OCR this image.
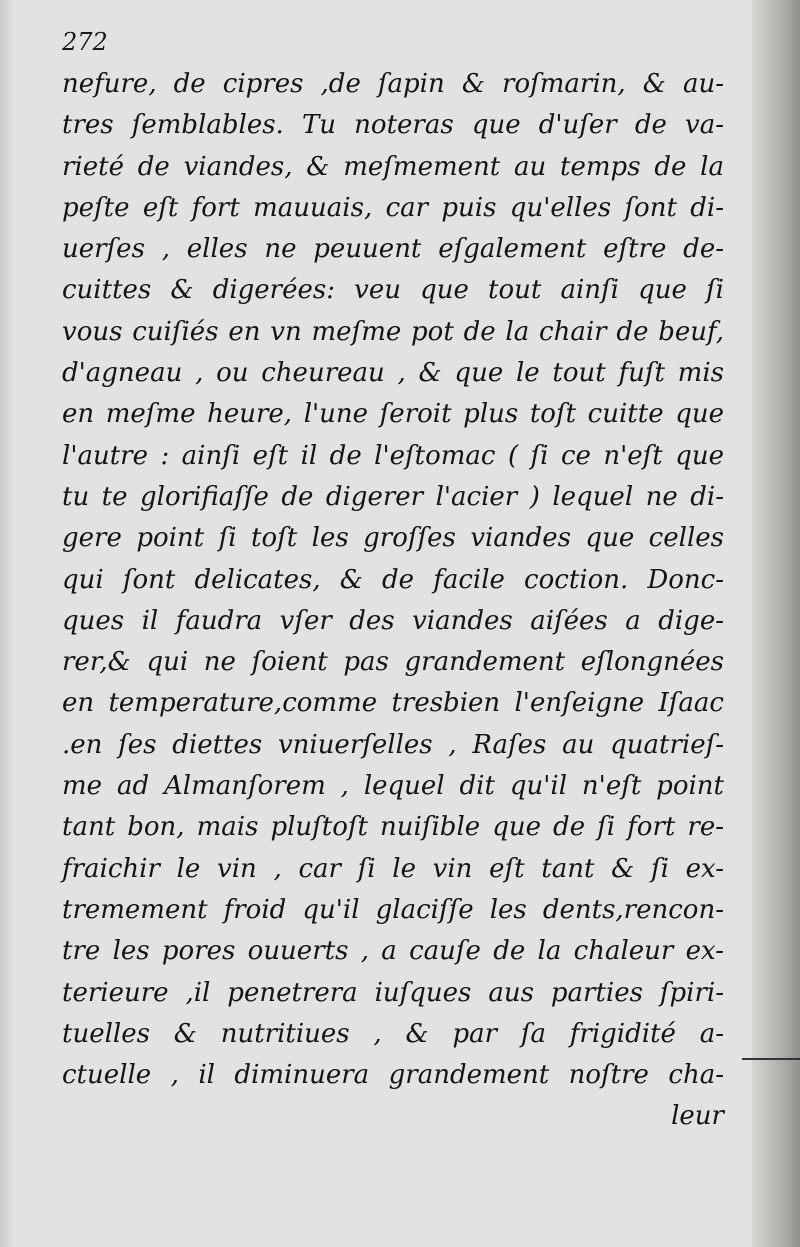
272

nefure, de cipres ,de ſapin & roſmarin, & au-
tres ſemblables. Tu noteras que d'uſer de va-
rieté de viandes, & meſmement au temps de la
peſte eſt fort mauuais, car puis qu'elles ſont di-
uerſes , elles ne peuuent eſgalement eſtre de-
cuittes & digerées: veu que tout ainſi que ſi
vous cuiſiés en vn meſme pot de la chair de beuf,
d'agneau , ou cheureau , & que le tout fuſt mis
en meſme heure, l'une ſeroit plus toſt cuitte que
l'autre : ainſi eſt il de l'eſtomac ( ſi ce n'eſt que
tu te glorifiaſſe de digerer l'acier ) lequel ne di-
gere point ſi toſt les groſſes viandes que celles
qui ſont delicates, & de facile coction. Donc-
ques il faudra vſer des viandes aiſées a dige-
rer,& qui ne ſoient pas grandement eſlongnées
en temperature,comme tresbien l'enſeigne Iſaac
.en ſes diettes vniuerſelles , Raſes au quatrieſ-
me ad Almanſorem , lequel dit qu'il n'eſt point
tant bon, mais pluſtoſt nuiſible que de ſi fort re-
fraichir le vin , car ſi le vin eſt tant & ſi ex-
tremement froid qu'il glaciſſe les dents,rencon-
tre les pores ouuerts , a cauſe de la chaleur ex-
terieure ,il penetrera iuſques aus parties ſpiri-
tuelles & nutritiues , & par ſa frigidité a-
ctuelle , il diminuera grandement noſtre cha-
leur
